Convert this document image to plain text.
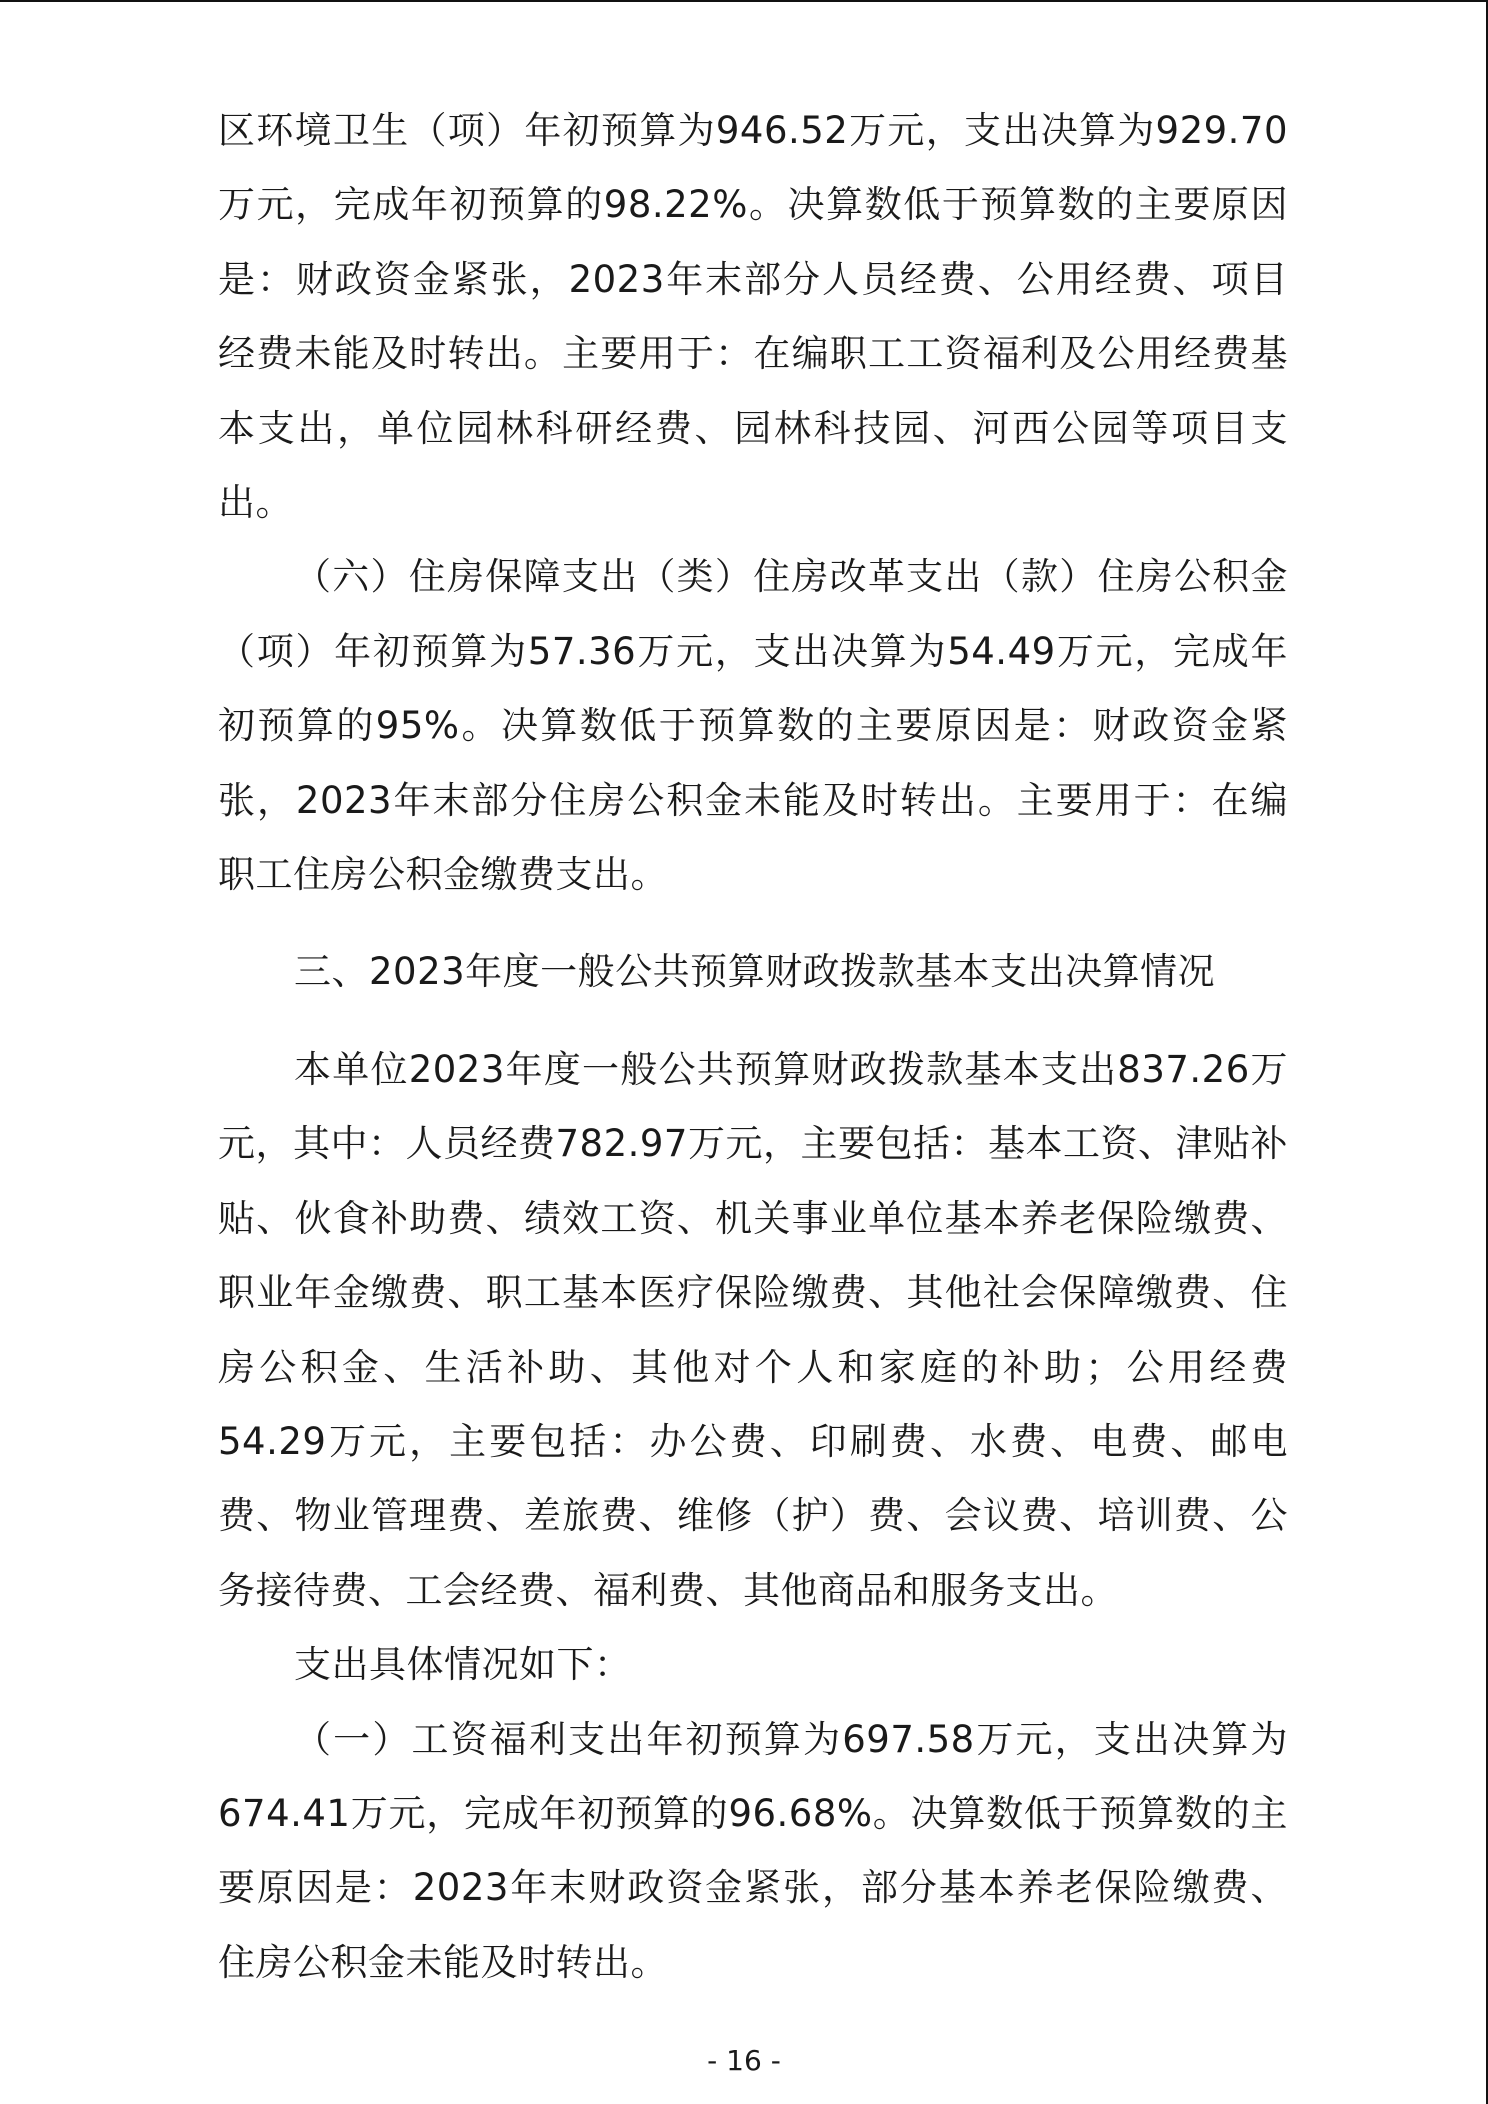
区环境卫生（项）年初预算为946.52万元，支出决算为929.70万元，完成年初预算的98.22%。决算数低于预算数的主要原因是：财政资金紧张，2023年末部分人员经费、公用经费、项目经费未能及时转出。主要用于：在编职工工资福利及公用经费基本支出，单位园林科研经费、园林科技园、河西公园等项目支出。

（六）住房保障支出（类）住房改革支出（款）住房公积金（项）年初预算为57.36万元，支出决算为54.49万元，完成年初预算的95%。决算数低于预算数的主要原因是：财政资金紧张，2023年末部分住房公积金未能及时转出。主要用于：在编职工住房公积金缴费支出。

三、2023年度一般公共预算财政拨款基本支出决算情况

本单位2023年度一般公共预算财政拨款基本支出837.26万元，其中：人员经费782.97万元，主要包括：基本工资、津贴补贴、伙食补助费、绩效工资、机关事业单位基本养老保险缴费、职业年金缴费、职工基本医疗保险缴费、其他社会保障缴费、住房公积金、生活补助、其他对个人和家庭的补助；公用经费54.29万元，主要包括：办公费、印刷费、水费、电费、邮电费、物业管理费、差旅费、维修（护）费、会议费、培训费、公务接待费、工会经费、福利费、其他商品和服务支出。

支出具体情况如下：

（一）工资福利支出年初预算为697.58万元，支出决算为674.41万元，完成年初预算的96.68%。决算数低于预算数的主要原因是：2023年末财政资金紧张，部分基本养老保险缴费、住房公积金未能及时转出。

- 16 -
